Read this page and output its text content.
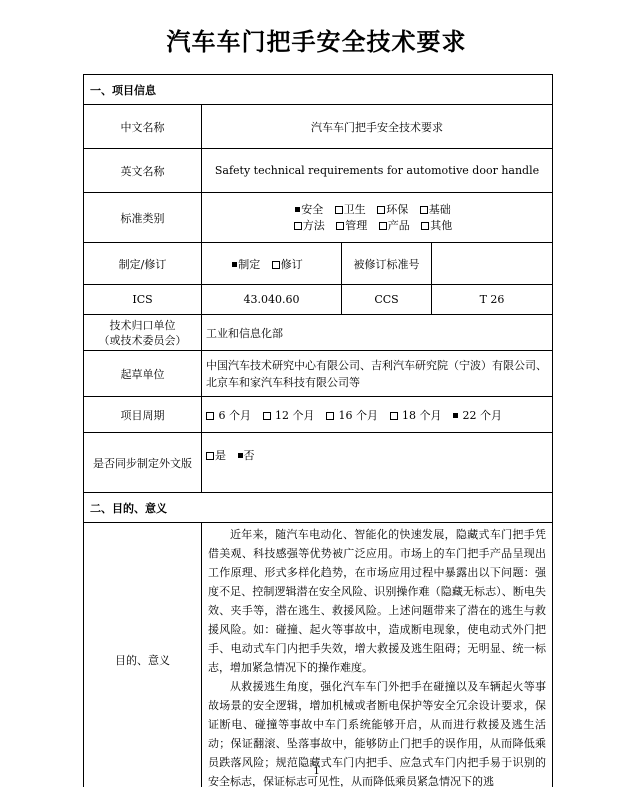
汽车车门把手安全技术要求
一、项目信息			
中文名称	汽车车门把手安全技术要求		
英文名称	Safety technical requirements for automotive door handle		
标准类别	安全 卫生 环保 基础
方法 管理 产品 其他		

制定/修订	制定 修订	被修订标准号	
ICS	43.040.60	CCS	T 26

技术归口单位
（或技术委员会）	工业和信息化部		
起草单位	中国汽车技术研究中心有限公司、吉利汽车研究院（宁波）有限公司、北京车和家汽车科技有限公司等		
项目周期	6 个月 12 个月 16 个月 18 个月 22 个月		
是否同步制定外文版	是 否		
二、目的、意义			
目的、意义	近年来，随汽车电动化、智能化的快速发展，隐藏式车门把手凭借美观、科技感强等优势被广泛应用。市场上的车门把手产品呈现出工作原理、形式多样化趋势，在市场应用过程中暴露出以下问题：强度不足、控制逻辑潜在安全风险、识别操作难（隐藏无标志）、断电失效、夹手等，潜在逃生、救援风险。上述问题带来了潜在的逃生与救援风险。如：碰撞、起火等事故中，造成断电现象，使电动式外门把手、电动式车门内把手失效，增大救援及逃生阻碍；无明显、统一标志，增加紧急情况下的操作难度。

从救援逃生角度，强化汽车车门外把手在碰撞以及车辆起火等事故场景的安全逻辑，增加机械或者断电保护等安全冗余设计要求，保证断电、碰撞等事故中车门系统能够开启，从而进行救援及逃生活动；保证翻滚、坠落事故中，能够防止门把手的误作用，从而降低乘员跌落风险；规范隐藏式车门内把手、应急式车门内把手易于识别的安全标志，保证标志可见性，从而降低乘员紧急情况下的逃		

1
